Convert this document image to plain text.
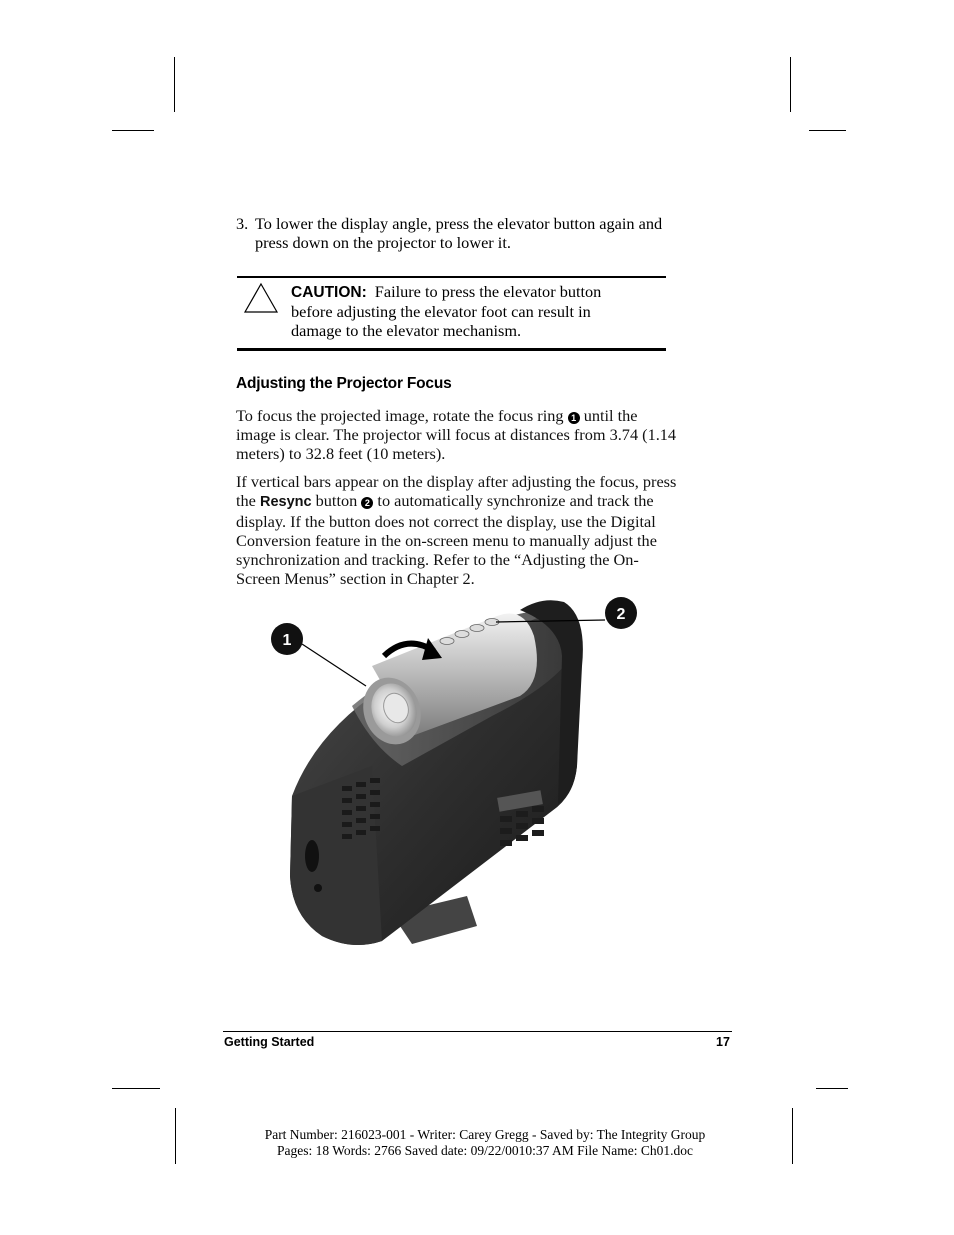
3. To lower the display angle, press the elevator button again and
press down on the projector to lower it.
CAUTION: Failure to press the elevator button
before adjusting the elevator foot can result in
damage to the elevator mechanism.
Adjusting the Projector Focus

To focus the projected image, rotate the focus ring 1 until the
image is clear. The projector will focus at distances from 3.74 (1.14
meters) to 32.8 feet (10 meters).

If vertical bars appear on the display after adjusting the focus, press
the Resync button 2 to automatically synchronize and track the
display. If the button does not correct the display, use the Digital
Conversion feature in the on-screen menu to manually adjust the
synchronization and tracking. Refer to the “Adjusting the On-
Screen Menus” section in Chapter 2.

1
2
Getting Started	17
Part Number: 216023-001 - Writer: Carey Gregg - Saved by: The Integrity Group
Pages: 18 Words: 2766 Saved date: 09/22/0010:37 AM File Name: Ch01.doc
